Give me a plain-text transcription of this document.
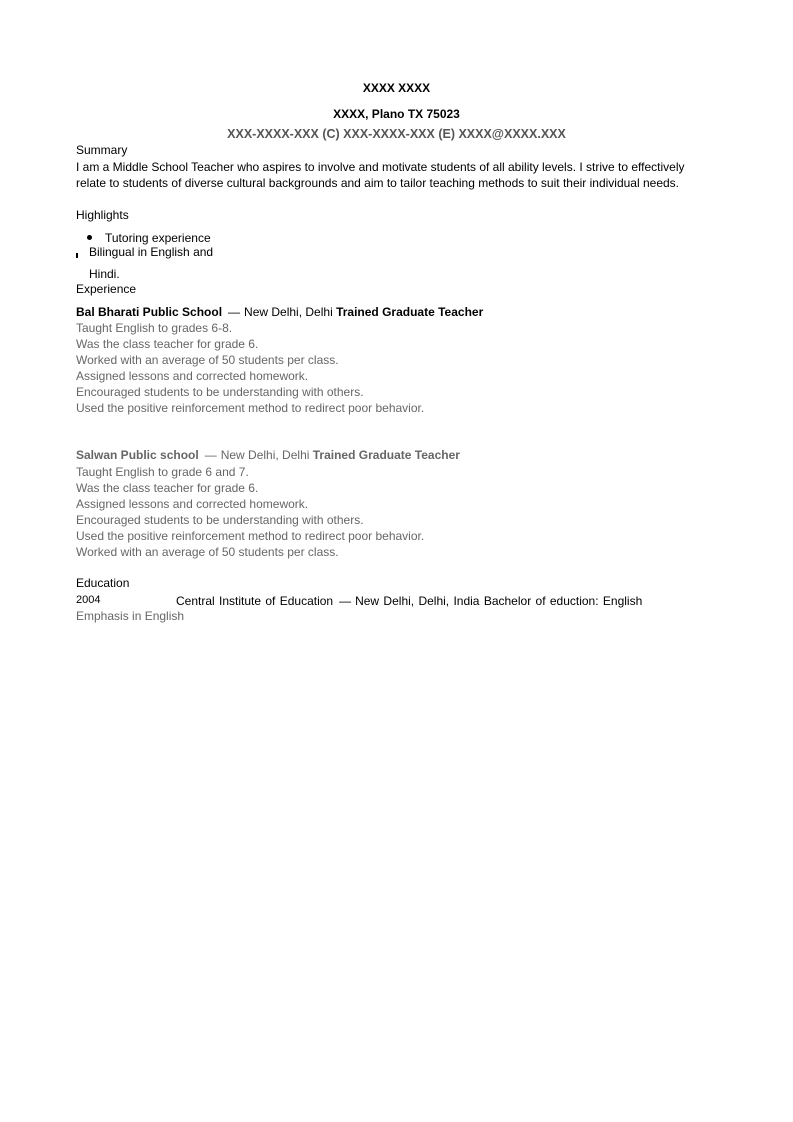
XXXX XXXX
XXXX, Plano TX 75023
XXX-XXXX-XXX (C) XXX-XXXX-XXX (E) XXXX@XXXX.XXX
Summary
I am a Middle School Teacher who aspires to involve and motivate students of all ability levels. I strive to effectively relate to students of diverse cultural backgrounds and aim to tailor teaching methods to suit their individual needs.
Highlights
Tutoring experience
Bilingual in English and
Hindi.
Experience
Bal Bharati Public School — New Delhi, Delhi Trained Graduate Teacher
Taught English to grades 6-8.
Was the class teacher for grade 6.
Worked with an average of 50 students per class.
Assigned lessons and corrected homework.
Encouraged students to be understanding with others.
Used the positive reinforcement method to redirect poor behavior.
Salwan Public school — New Delhi, Delhi Trained Graduate Teacher
Taught English to grade 6 and 7.
Was the class teacher for grade 6.
Assigned lessons and corrected homework.
Encouraged students to be understanding with others.
Used the positive reinforcement method to redirect poor behavior.
Worked with an average of 50 students per class.
Education
2004	Central Institute of Education — New Delhi, Delhi, India Bachelor of eduction: English
Emphasis in English
